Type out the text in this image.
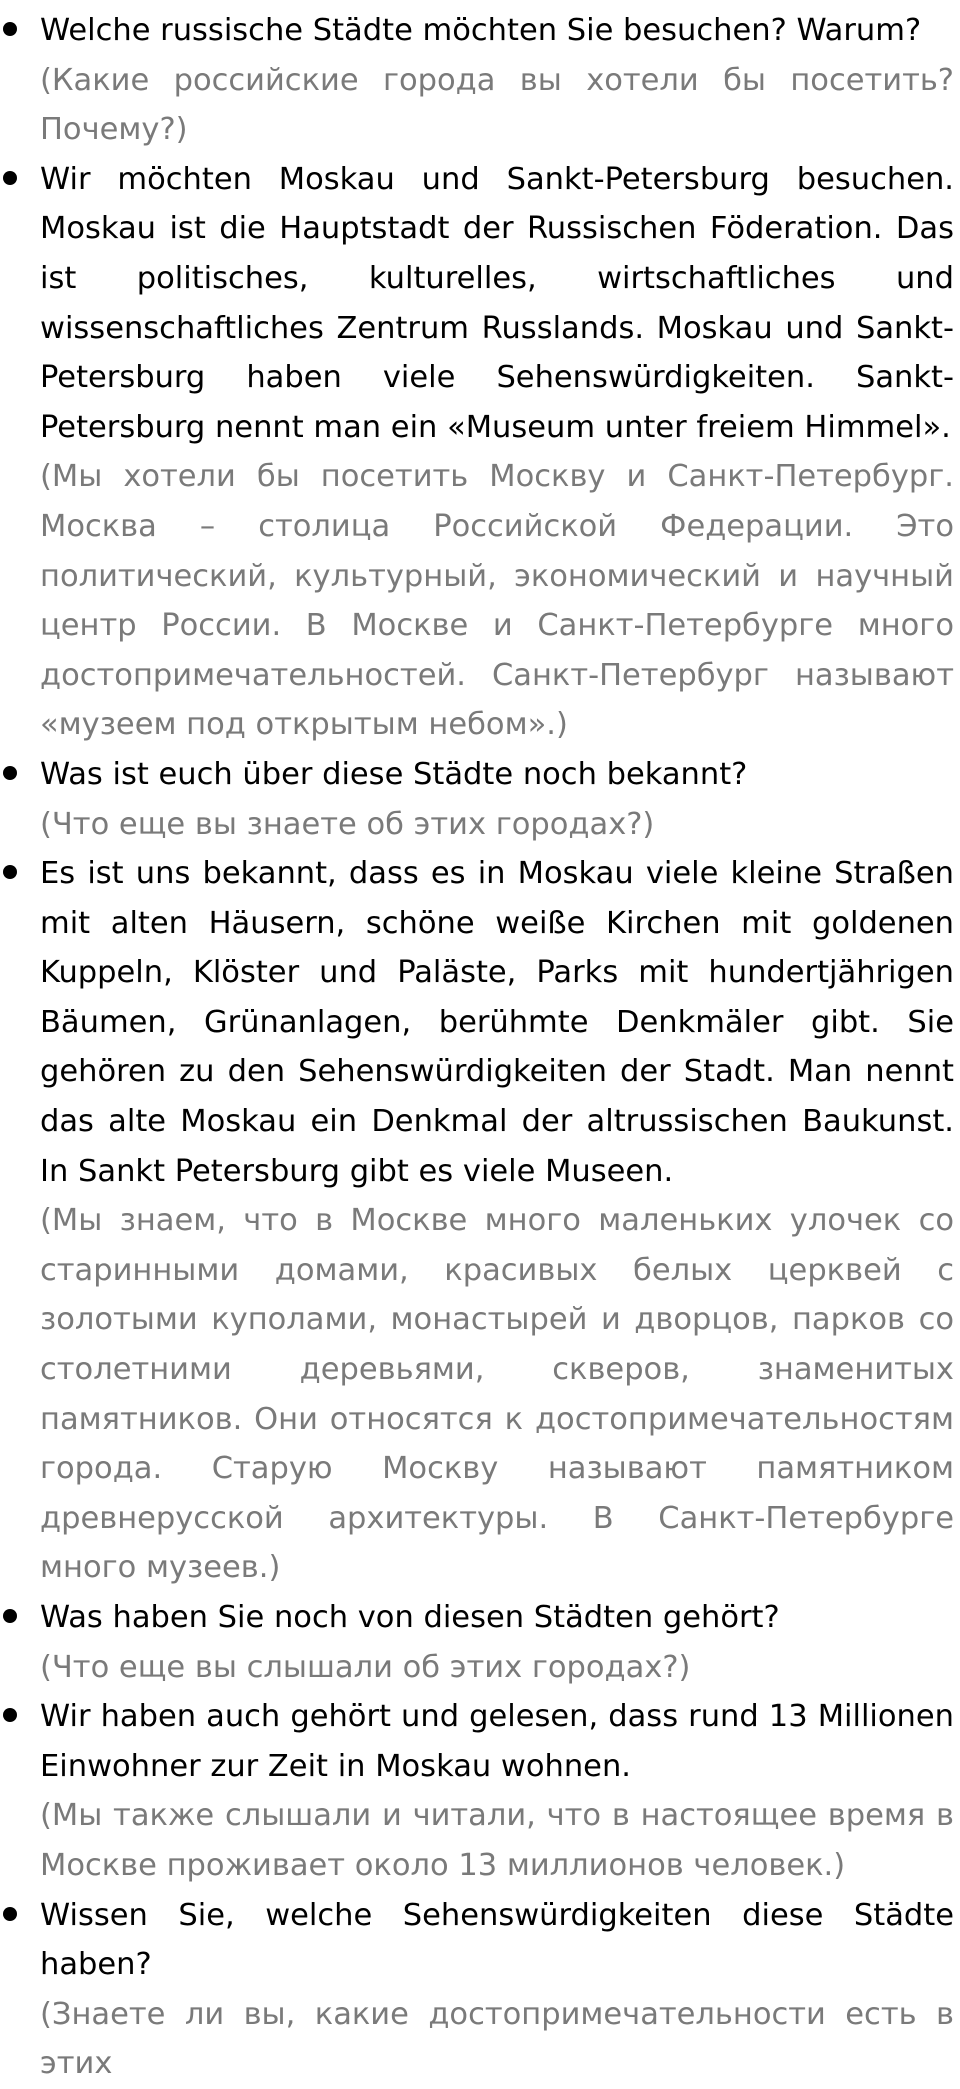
Welche russische Städte möchten Sie besuchen? Warum?

(Какие российские города вы хотели бы посетить? Почему?)

Wir möchten Moskau und Sankt-Petersburg besuchen. Moskau ist die Hauptstadt der Russischen Föderation. Das ist politisches, kulturelles, wirtschaftliches und wissenschaftliches Zentrum Russlands. Moskau und Sankt-Petersburg haben viele Sehenswürdigkeiten. Sankt-Petersburg nennt man ein «Museum unter freiem Himmel».

(Мы хотели бы посетить Москву и Санкт-Петербург. Москва – столица Российской Федерации. Это политический, культурный, экономический и научный центр России. В Москве и Санкт-Петербурге много достопримечательностей. Санкт-Петербург называют «музеем под открытым небом».)

Was ist euch über diese Städte noch bekannt?

(Что еще вы знаете об этих городах?)

Es ist uns bekannt, dass es in Moskau viele kleine Straßen mit alten Häusern, schöne weiße Kirchen mit goldenen Kuppeln, Klöster und Paläste, Parks mit hundertjährigen Bäumen, Grünanlagen, berühmte Denkmäler gibt. Sie gehören zu den Sehenswürdigkeiten der Stadt. Man nennt das alte Moskau ein Denkmal der altrussischen Baukunst. In Sankt Petersburg gibt es viele Museen.

(Мы знаем, что в Москве много маленьких улочек со старинными домами, красивых белых церквей с золотыми куполами, монастырей и дворцов, парков со столетними деревьями, скверов, знаменитых памятников. Они относятся к достопримечательностям города. Старую Москву называют памятником древнерусской архитектуры. В Санкт-Петербурге много музеев.)

Was haben Sie noch von diesen Städten gehört?

(Что еще вы слышали об этих городах?)

Wir haben auch gehört und gelesen, dass rund 13 Millionen Einwohner zur Zeit in Moskau wohnen.

(Мы также слышали и читали, что в настоящее время в Москве проживает около 13 миллионов человек.)

Wissen Sie, welche Sehenswürdigkeiten diese Städte haben?

(Знаете ли вы, какие достопримечательности есть в этих
